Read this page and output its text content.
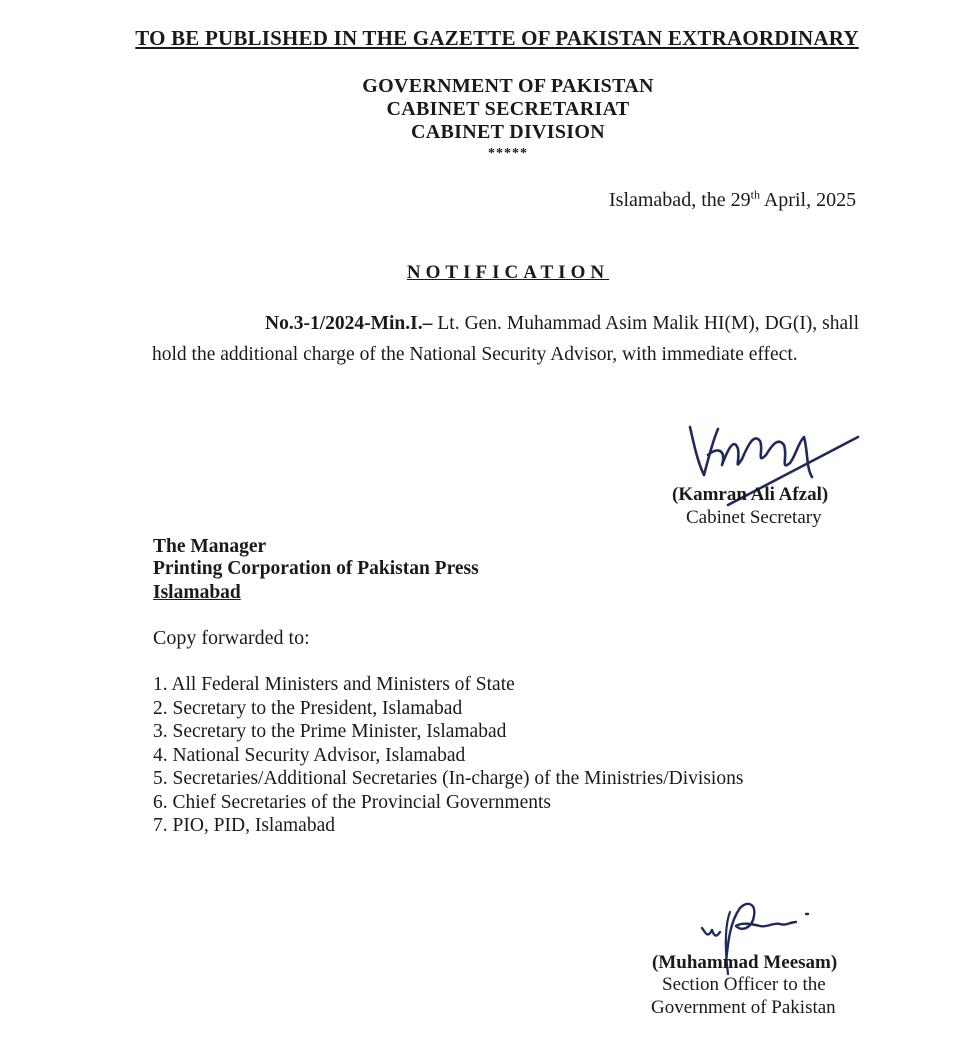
TO BE PUBLISHED IN THE GAZETTE OF PAKISTAN EXTRAORDINARY
GOVERNMENT OF PAKISTAN
CABINET SECRETARIAT
CABINET DIVISION
*****
Islamabad, the 29th April, 2025
NOTIFICATION
No.3-1/2024-Min.I.– Lt. Gen. Muhammad Asim Malik HI(M), DG(I), shall hold the additional charge of the National Security Advisor, with immediate effect.
(Kamran Ali Afzal)
Cabinet Secretary
The Manager
Printing Corporation of Pakistan Press
Islamabad
Copy forwarded to:
1. All Federal Ministers and Ministers of State
2. Secretary to the President, Islamabad
3. Secretary to the Prime Minister, Islamabad
4. National Security Advisor, Islamabad
5. Secretaries/Additional Secretaries (In-charge) of the Ministries/Divisions
6. Chief Secretaries of the Provincial Governments
7. PIO, PID, Islamabad
(Muhammad Meesam)
Section Officer to the
Government of Pakistan
